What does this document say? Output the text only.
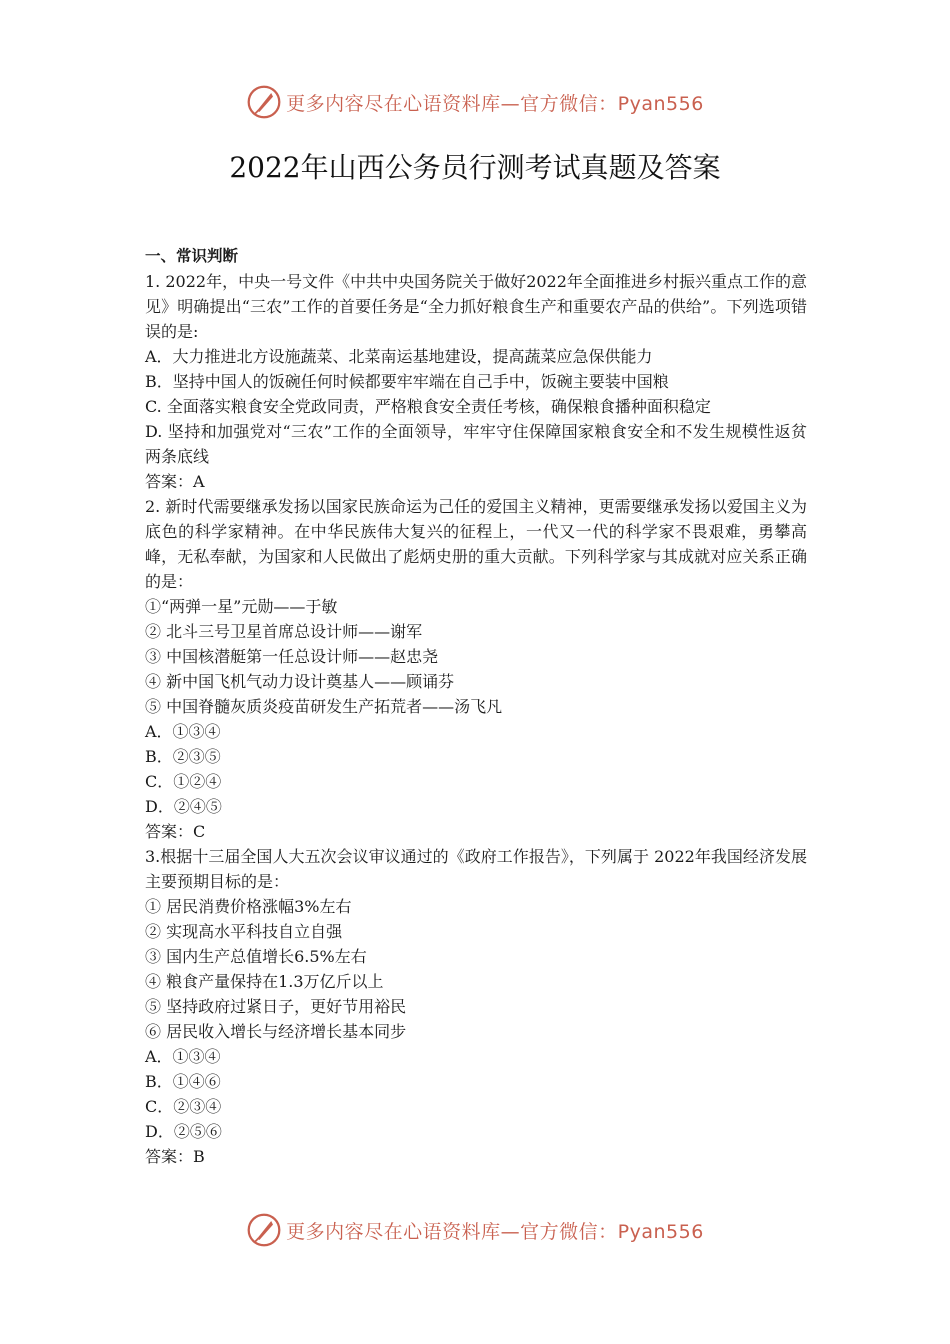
更多内容尽在心语资料库—官方微信：Pyan556
2022年山西公务员行测考试真题及答案

一、常识判断

1. 2022年，中央一号文件《中共中央国务院关于做好2022年全面推进乡村振兴重点工作的意见》明确提出“三农”工作的首要任务是“全力抓好粮食生产和重要农产品的供给”。下列选项错误的是:

A．大力推进北方设施蔬菜、北菜南运基地建设，提高蔬菜应急保供能力

B．坚持中国人的饭碗任何时候都要牢牢端在自己手中，饭碗主要装中国粮

C. 全面落实粮食安全党政同责，严格粮食安全责任考核，确保粮食播种面积稳定

D. 坚持和加强党对“三农”工作的全面领导，牢牢守住保障国家粮食安全和不发生规模性返贫两条底线

答案：A

2. 新时代需要继承发扬以国家民族命运为己任的爱国主义精神，更需要继承发扬以爱国主义为底色的科学家精神。在中华民族伟大复兴的征程上，一代又一代的科学家不畏艰难，勇攀高峰，无私奉献，为国家和人民做出了彪炳史册的重大贡献。下列科学家与其成就对应关系正确的是：

①“两弹一星”元勋——于敏

② 北斗三号卫星首席总设计师——谢军

③ 中国核潜艇第一任总设计师——赵忠尧

④ 新中国飞机气动力设计奠基人——顾诵芬

⑤ 中国脊髓灰质炎疫苗研发生产拓荒者——汤飞凡

A．①③④

B．②③⑤

C．①②④

D．②④⑤

答案：C

3.根据十三届全国人大五次会议审议通过的《政府工作报告》，下列属于 2022年我国经济发展主要预期目标的是：

① 居民消费价格涨幅3%左右

② 实现高水平科技自立自强

③ 国内生产总值增长6.5%左右

④ 粮食产量保持在1.3万亿斤以上

⑤ 坚持政府过紧日子，更好节用裕民

⑥ 居民收入增长与经济增长基本同步

A．①③④

B．①④⑥

C．②③④

D．②⑤⑥

答案：B

更多内容尽在心语资料库—官方微信：Pyan556
